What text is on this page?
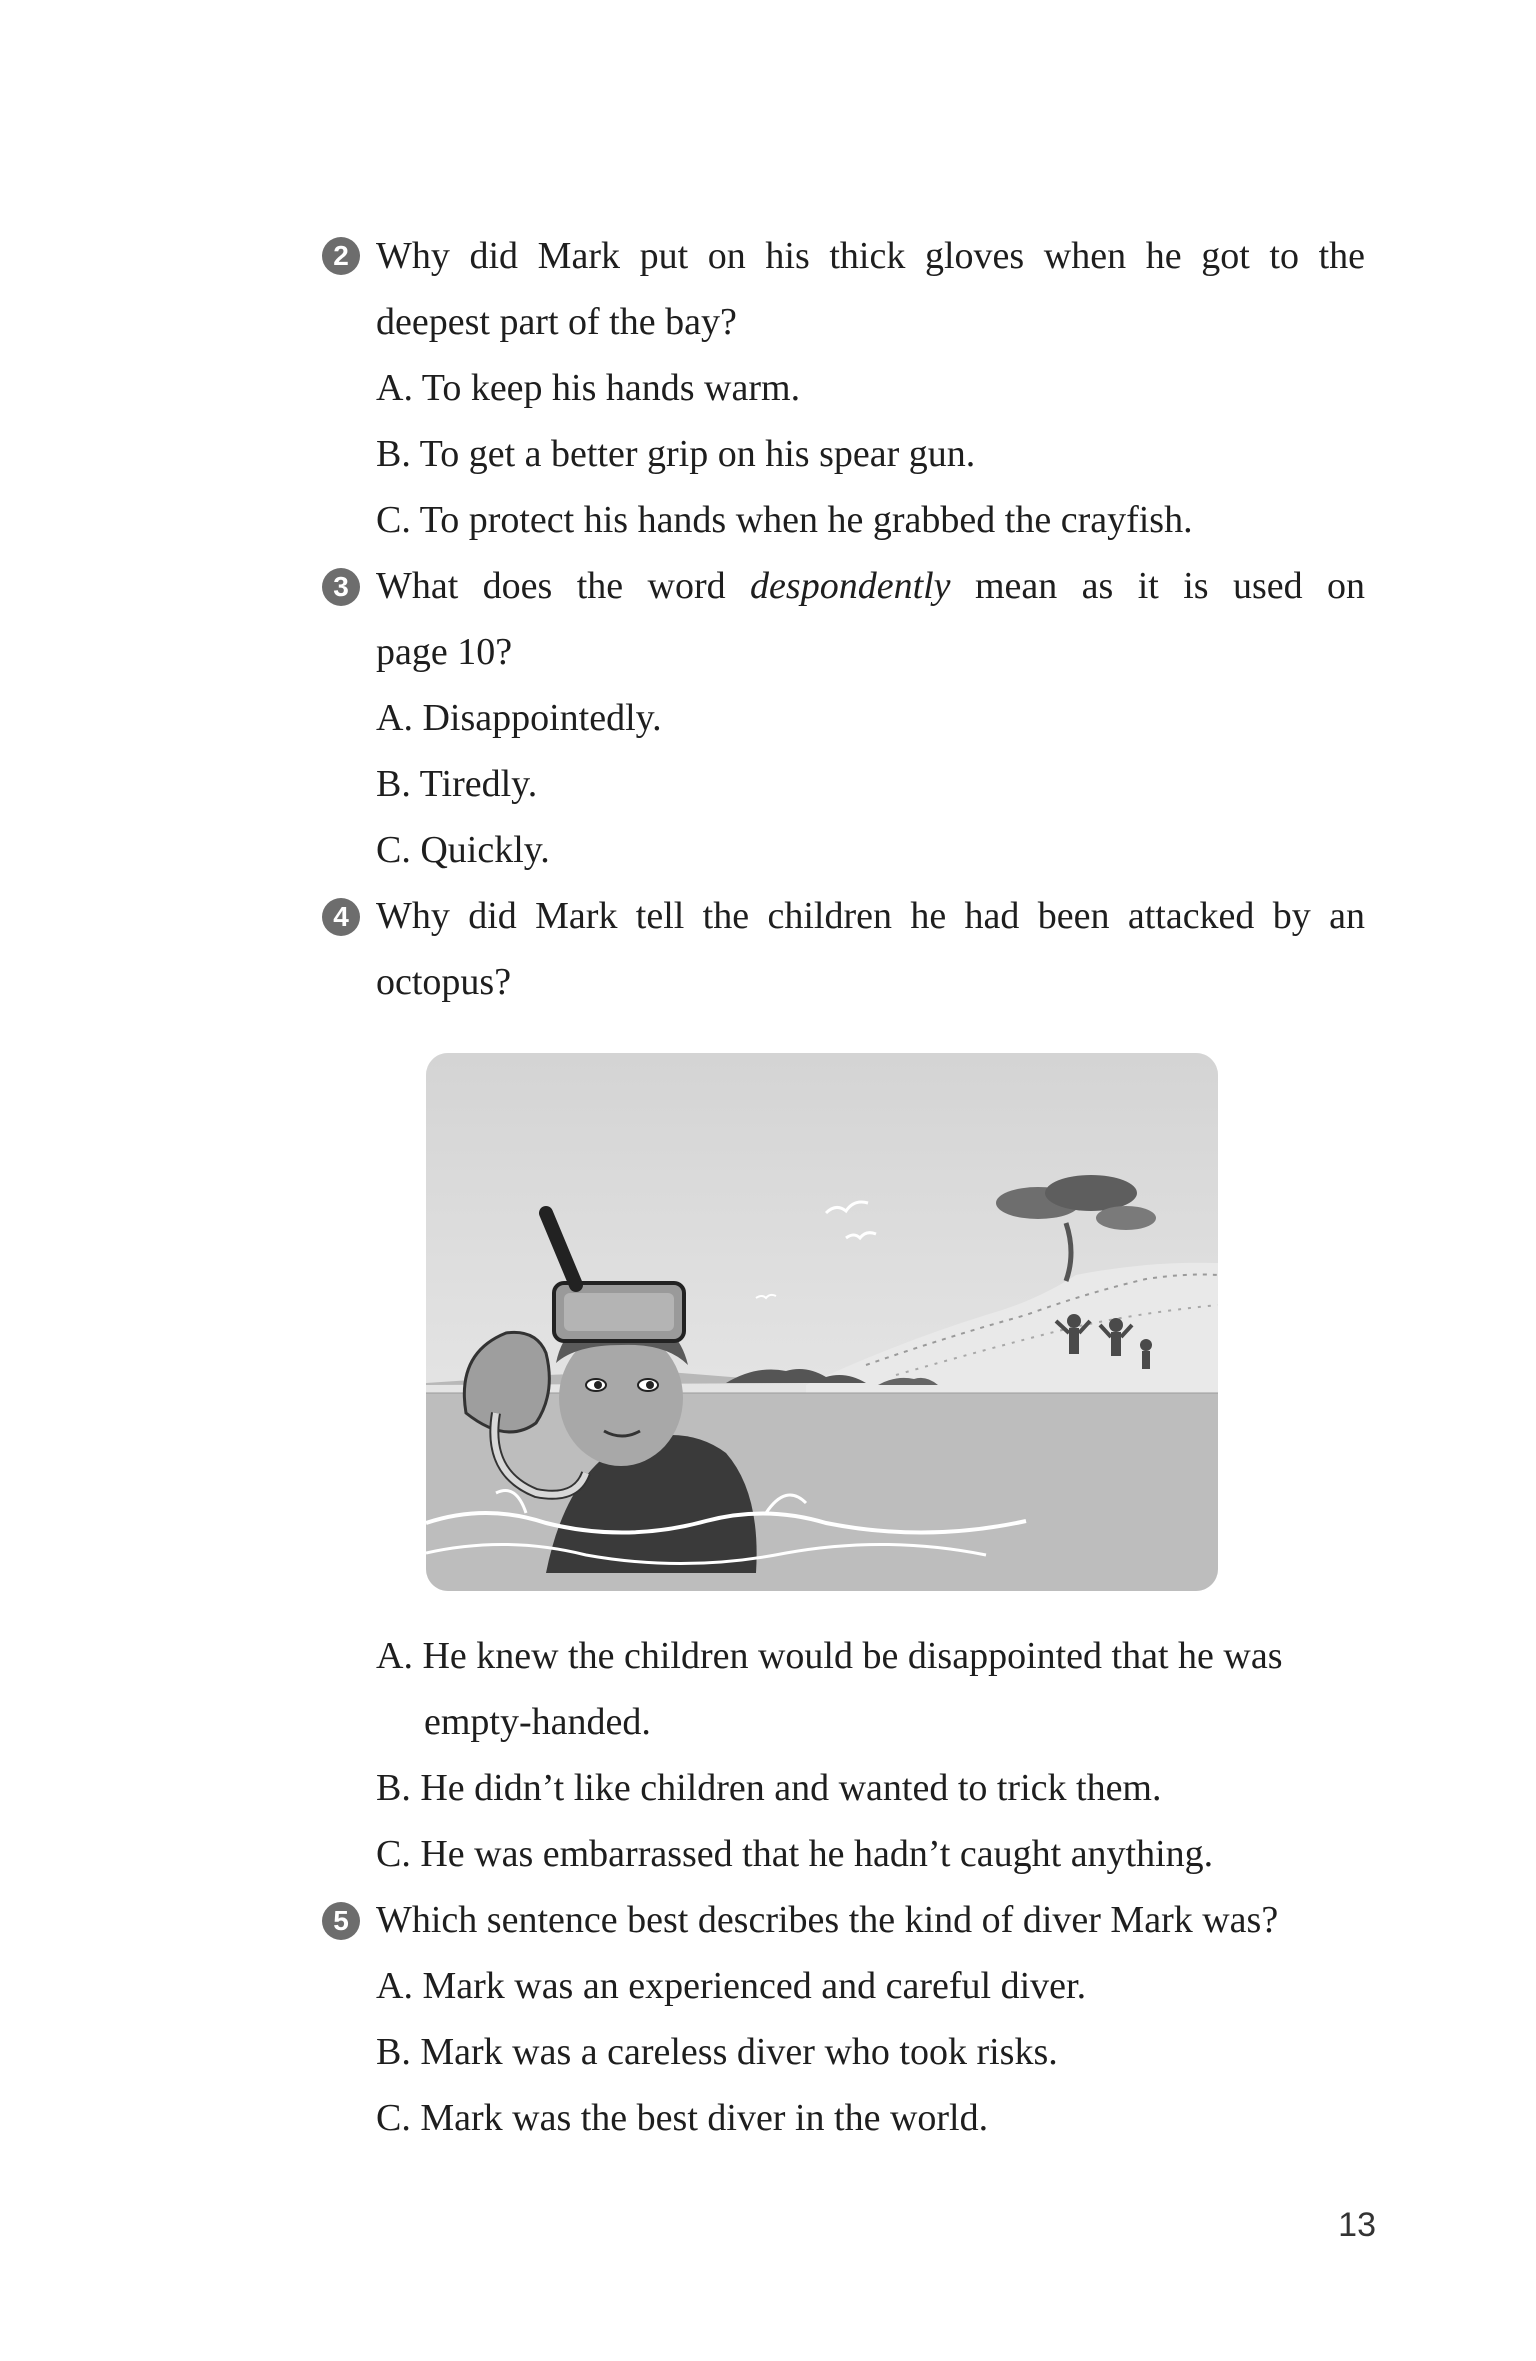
2 Why did Mark put on his thick gloves when he got to the
deepest part of the bay?
A. To keep his hands warm.
B. To get a better grip on his spear gun.
C. To protect his hands when he grabbed the crayfish.
3 What does the word despondently mean as it is used on
page 10?
A. Disappointedly.
B. Tiredly.
C. Quickly.
4 Why did Mark tell the children he had been attacked by an
octopus?
A. He knew the children would be disappointed that he was
empty-handed.
B. He didn’t like children and wanted to trick them.
C. He was embarrassed that he hadn’t caught anything.
5 Which sentence best describes the kind of diver Mark was?
A. Mark was an experienced and careful diver.
B. Mark was a careless diver who took risks.
C. Mark was the best diver in the world.
13
